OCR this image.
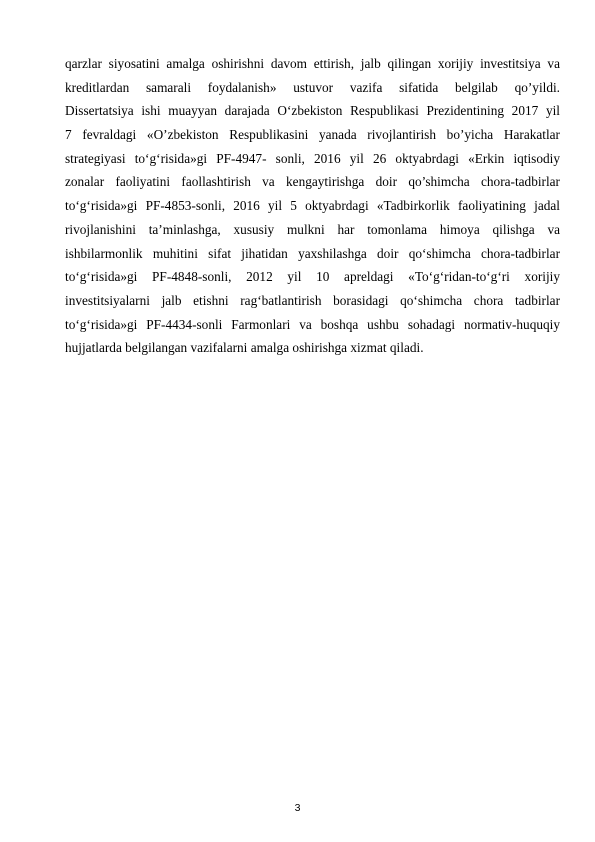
qarzlar siyosatini amalga oshirishni davom ettirish, jalb qilingan xorijiy investitsiya va
kreditlardan samarali foydalanish» ustuvor vazifa sifatida belgilab qo’yildi.
Dissertatsiya ishi muayyan darajada O‘zbekiston Respublikasi Prezidentining 2017 yil
7 fevraldagi «O’zbekiston Respublikasini yanada rivojlantirish bo’yicha Harakatlar
strategiyasi to‘g‘risida»gi PF-4947- sonli, 2016 yil 26 oktyabrdagi «Erkin iqtisodiy
zonalar faoliyatini faollashtirish va kengaytirishga doir qo’shimcha chora-tadbirlar
to‘g‘risida»gi PF-4853-sonli, 2016 yil 5 oktyabrdagi «Tadbirkorlik faoliyatining jadal
rivojlanishini ta’minlashga, xususiy mulkni har tomonlama himoya qilishga va
ishbilarmonlik muhitini sifat jihatidan yaxshilashga doir qo‘shimcha chora-tadbirlar
to‘g‘risida»gi PF-4848-sonli, 2012 yil 10 apreldagi «To‘g‘ridan-to‘g‘ri xorijiy
investitsiyalarni jalb etishni rag‘batlantirish borasidagi qo‘shimcha chora tadbirlar
to‘g‘risida»gi PF-4434-sonli Farmonlari va boshqa ushbu sohadagi normativ-huquqiy
hujjatlarda belgilangan vazifalarni amalga oshirishga xizmat qiladi.
3
